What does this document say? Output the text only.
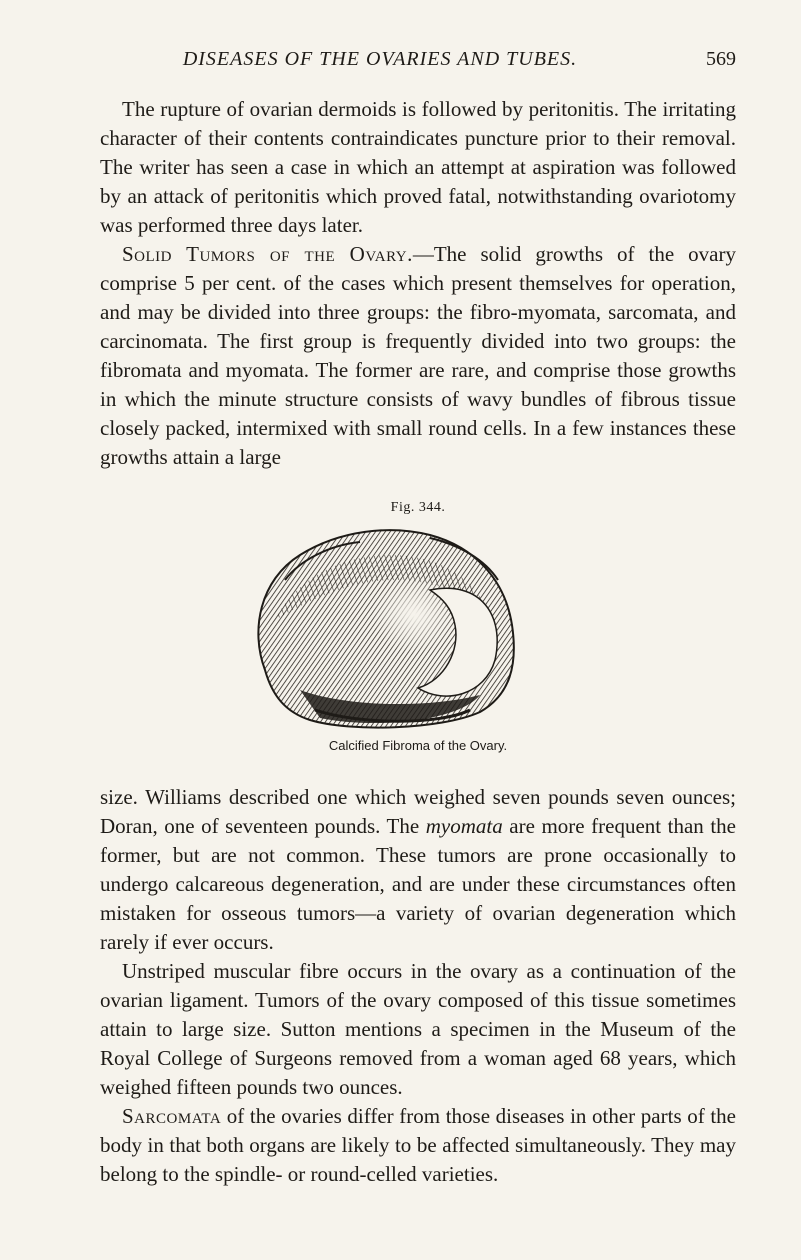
DISEASES OF THE OVARIES AND TUBES.	569

The rupture of ovarian dermoids is followed by peritonitis. The irritating character of their contents contraindicates puncture prior to their removal. The writer has seen a case in which an attempt at aspiration was followed by an attack of peritonitis which proved fatal, notwithstanding ovariotomy was performed three days later.

Solid Tumors of the Ovary.—The solid growths of the ovary comprise 5 per cent. of the cases which present themselves for operation, and may be divided into three groups: the fibro-myomata, sarcomata, and carcinomata. The first group is frequently divided into two groups: the fibromata and myomata. The former are rare, and comprise those growths in which the minute structure consists of wavy bundles of fibrous tissue closely packed, intermixed with small round cells. In a few instances these growths attain a large

Fig. 344.
Calcified Fibroma of the Ovary.

size. Williams described one which weighed seven pounds seven ounces; Doran, one of seventeen pounds. The myomata are more frequent than the former, but are not common. These tumors are prone occasionally to undergo calcareous degeneration, and are under these circumstances often mistaken for osseous tumors—a variety of ovarian degeneration which rarely if ever occurs.

Unstriped muscular fibre occurs in the ovary as a continuation of the ovarian ligament. Tumors of the ovary composed of this tissue sometimes attain to large size. Sutton mentions a specimen in the Museum of the Royal College of Surgeons removed from a woman aged 68 years, which weighed fifteen pounds two ounces.

Sarcomata of the ovaries differ from those diseases in other parts of the body in that both organs are likely to be affected simultaneously. They may belong to the spindle- or round-celled varieties.
